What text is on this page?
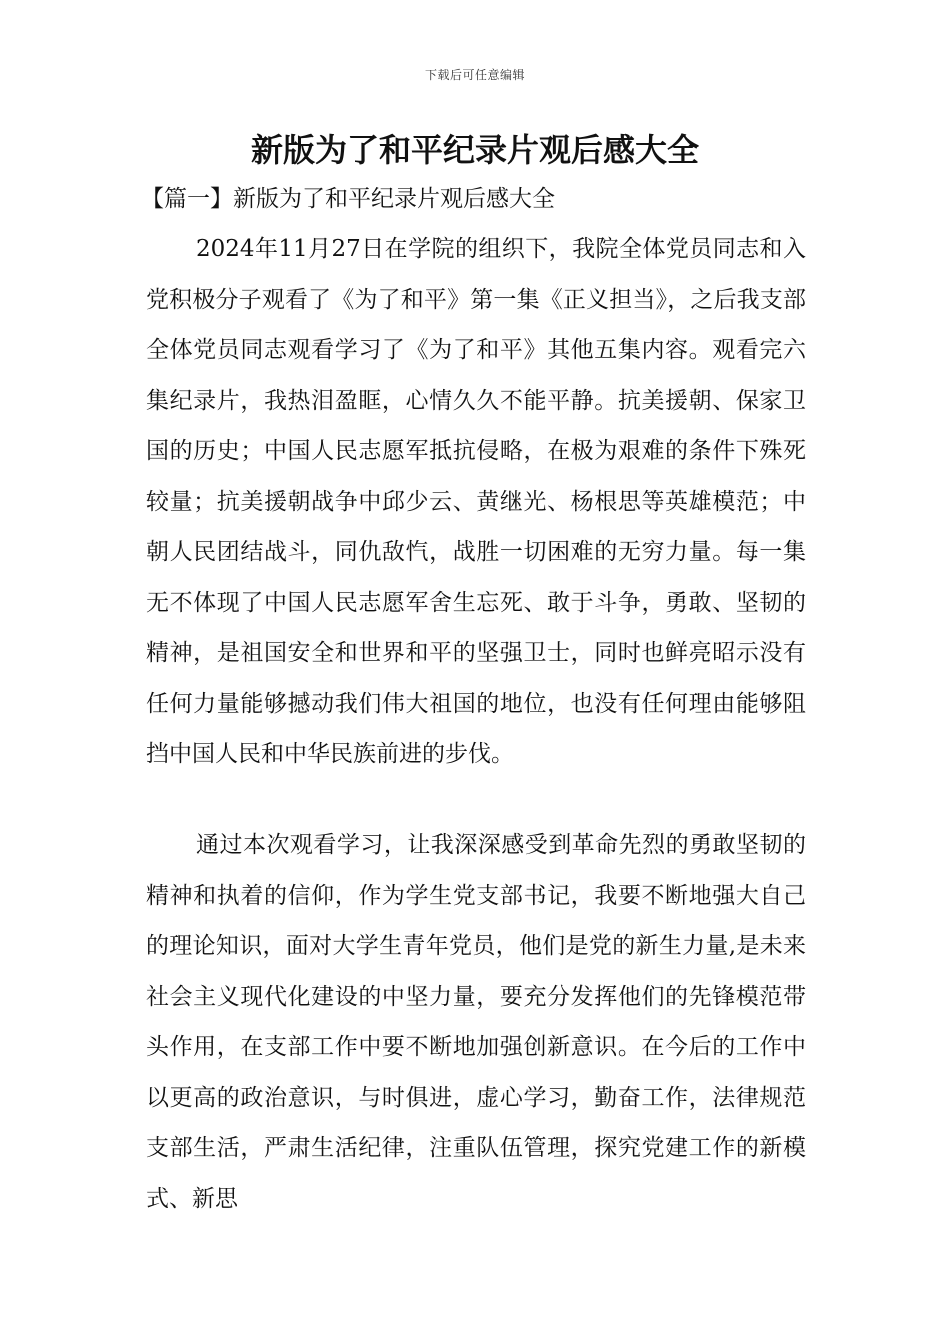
下载后可任意编辑
新版为了和平纪录片观后感大全
【篇一】新版为了和平纪录片观后感大全

2024年11月27日在学院的组织下，我院全体党员同志和入党积极分子观看了《为了和平》第一集《正义担当》，之后我支部全体党员同志观看学习了《为了和平》其他五集内容。观看完六集纪录片，我热泪盈眶，心情久久不能平静。抗美援朝、保家卫国的历史；中国人民志愿军抵抗侵略，在极为艰难的条件下殊死较量；抗美援朝战争中邱少云、黄继光、杨根思等英雄模范；中朝人民团结战斗，同仇敌忾，战胜一切困难的无穷力量。每一集无不体现了中国人民志愿军舍生忘死、敢于斗争，勇敢、坚韧的精神，是祖国安全和世界和平的坚强卫士，同时也鲜亮昭示没有任何力量能够撼动我们伟大祖国的地位，也没有任何理由能够阻挡中国人民和中华民族前进的步伐。

通过本次观看学习，让我深深感受到革命先烈的勇敢坚韧的精神和执着的信仰，作为学生党支部书记，我要不断地强大自己的理论知识，面对大学生青年党员，他们是党的新生力量,是未来社会主义现代化建设的中坚力量，要充分发挥他们的先锋模范带头作用，在支部工作中要不断地加强创新意识。在今后的工作中以更高的政治意识，与时俱进，虚心学习，勤奋工作，法律规范支部生活，严肃生活纪律，注重队伍管理，探究党建工作的新模式、新思
